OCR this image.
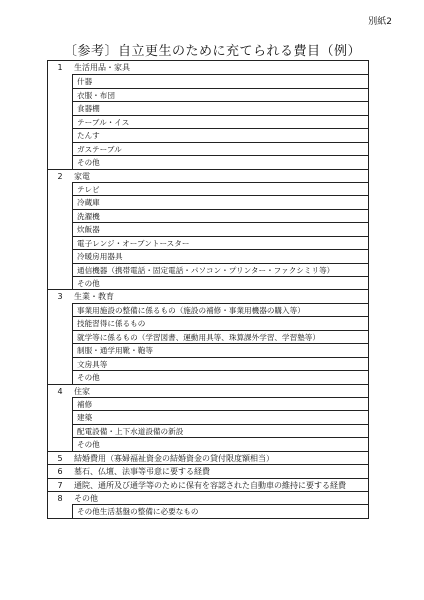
別紙2
〔参考〕自立更生のために充てられる費目（例）
1	生活用品・家具
什器
衣服・布団
食器棚
テーブル・イス
たんす
ガステーブル
その他
2	家電
テレビ
冷蔵庫
洗濯機
炊飯器
電子レンジ・オーブントースター
冷暖房用器具
通信機器（携帯電話・固定電話・パソコン・プリンター・ファクシミリ等）
その他
3	生業・教育
事業用施設の整備に係るもの（施設の補修・事業用機器の購入等）
技能習得に係るもの
就学等に係るもの（学習図書、運動用具等、珠算課外学習、学習塾等）
制服・通学用靴・鞄等
文房具等
その他
4	住家
補修
建築
配電設備・上下水道設備の新設
その他
5	結婚費用（寡婦福祉資金の結婚資金の貸付限度額相当）
6	墓石、仏壇、法事等弔意に要する経費
7	通院、通所及び通学等のために保有を容認された自動車の維持に要する経費
8	その他
その他生活基盤の整備に必要なもの
